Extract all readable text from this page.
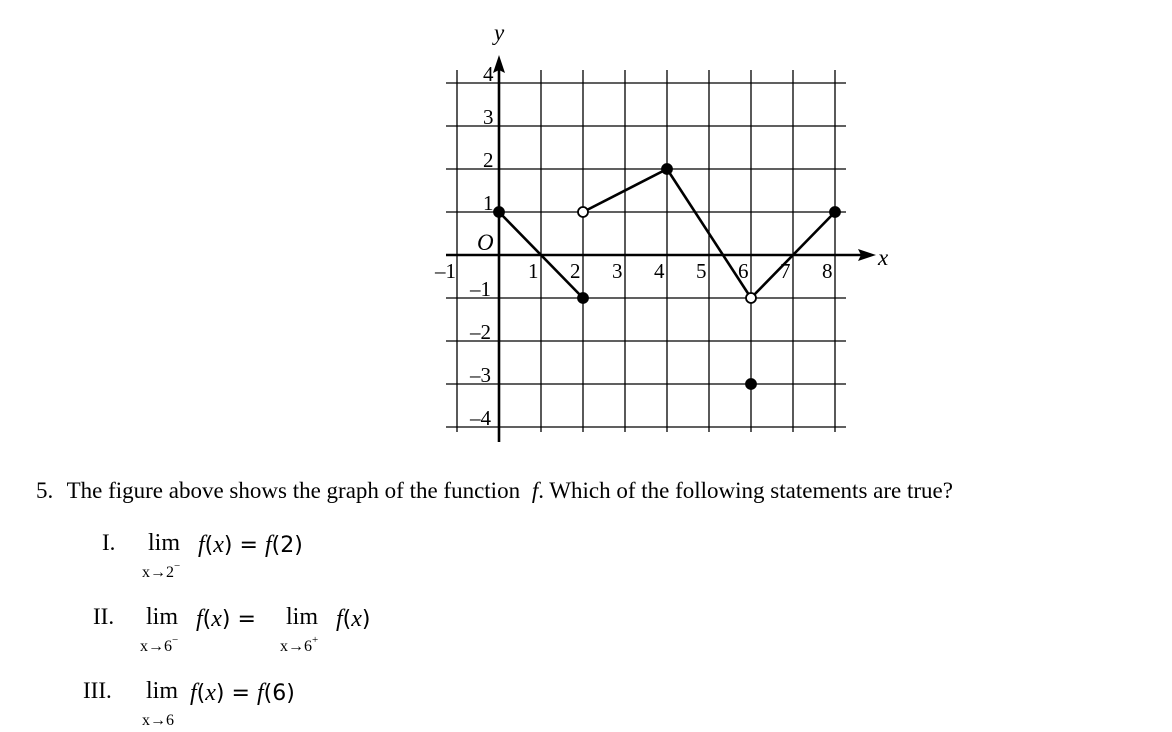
x
y
–1	1 2 3 4 5 6 7 8
4
3
2
1
–1
–2
–3
–4
O
5. The figure above shows the graph of the function f. Which of the following statements are true?
I. lim
x→2−
f(x) = f(2)
II. lim
x→6−
f(x) = lim
x→6+
f(x)
III. lim
x→6
f(x) = f(6)
